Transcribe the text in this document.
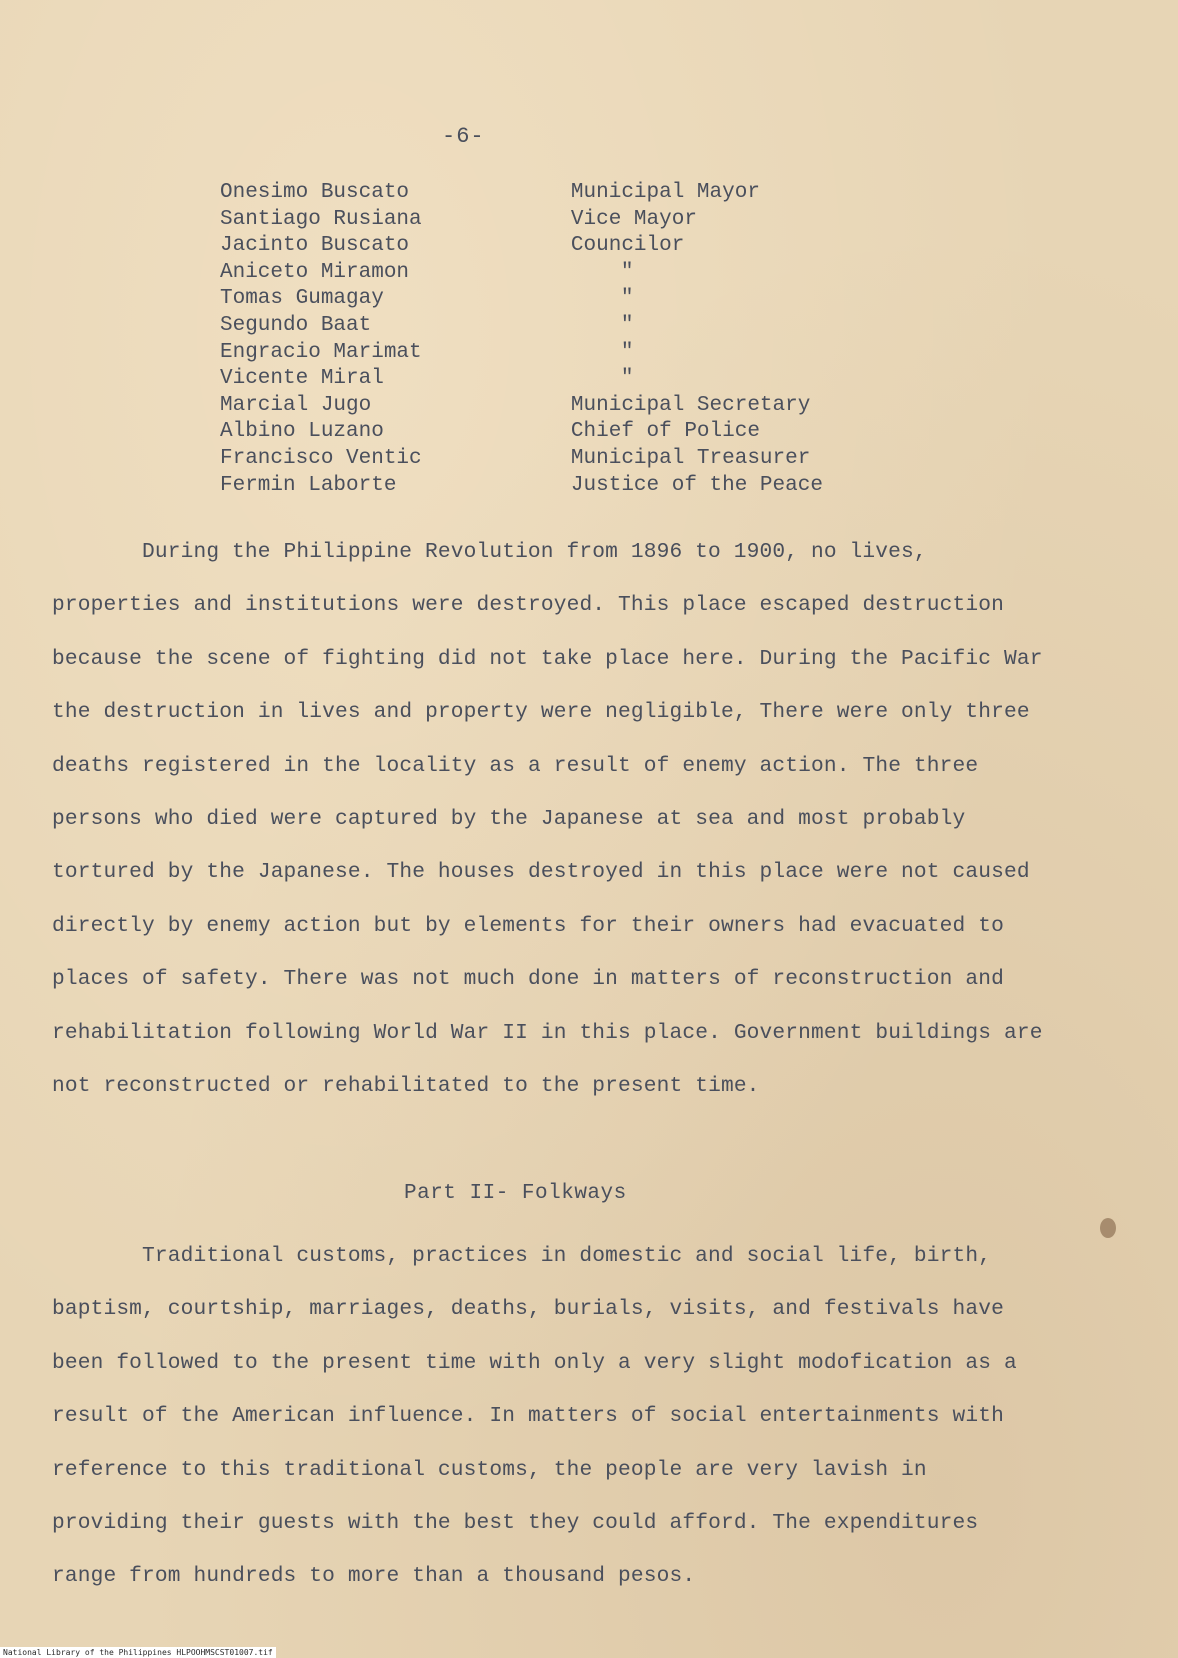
-6-
Onesimo Buscato	Municipal Mayor
Santiago Rusiana	Vice Mayor
Jacinto Buscato	Councilor
Aniceto Miramon	"
Tomas Gumagay	"
Segundo Baat	"
Engracio Marimat	"
Vicente Miral	"
Marcial Jugo	Municipal Secretary
Albino Luzano	Chief of Police
Francisco Ventic	Municipal Treasurer
Fermin Laborte	Justice of the Peace

During the Philippine Revolution from 1896 to 1900, no lives, properties and institutions were destroyed. This place escaped destruction because the scene of fighting did not take place here. During the Pacific War the destruction in lives and property were negligible, There were only three deaths registered in the locality as a result of enemy action. The three persons who died were captured by the Japanese at sea and most probably tortured by the Japanese. The houses destroyed in this place were not caused directly by enemy action but by elements for their owners had evacuated to places of safety. There was not much done in matters of reconstruction and rehabilitation following World War II in this place. Government buildings are not reconstructed or rehabilitated to the present time.

Part II- Folkways

Traditional customs, practices in domestic and social life, birth, baptism, courtship, marriages, deaths, burials, visits, and festivals have been followed to the present time with only a very slight modofication as a result of the American influence. In matters of social entertainments with reference to this traditional customs, the people are very lavish in providing their guests with the best they could afford. The expenditures range from hundreds to more than a thousand pesos.

National Library of the Philippines HLPOOHMSCST01007.tif
